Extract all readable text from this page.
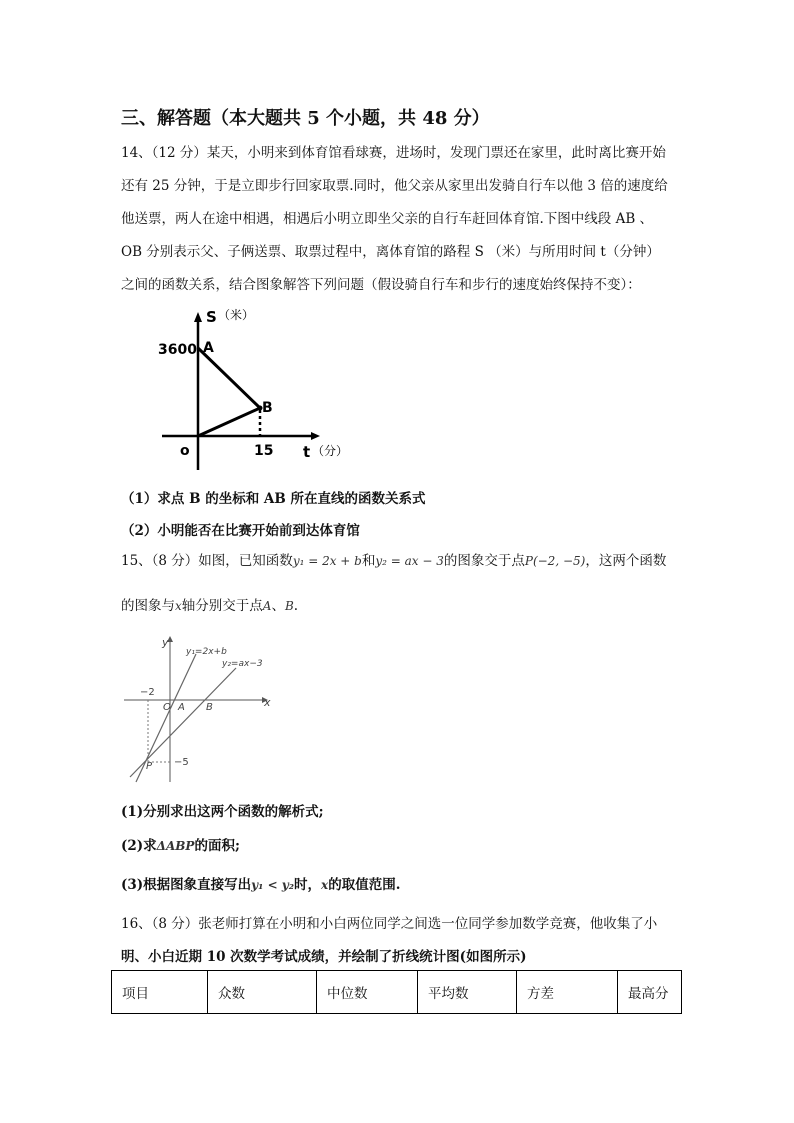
三、解答题（本大题共 5 个小题，共 48 分）
14、（12 分）某天，小明来到体育馆看球赛，进场时，发现门票还在家里，此时离比赛开始
还有 25 分钟，于是立即步行回家取票.同时，他父亲从家里出发骑自行车以他 3 倍的速度给
他送票，两人在途中相遇，相遇后小明立即坐父亲的自行车赶回体育馆.下图中线段 AB 、
OB 分别表示父、子俩送票、取票过程中，离体育馆的路程 S （米）与所用时间 t（分钟）
之间的函数关系，结合图象解答下列问题（假设骑自行车和步行的速度始终保持不变）：
S （米）
3600 A
B
o	15 t （分）
（1）求点 B 的坐标和 AB 所在直线的函数关系式
（2）小明能否在比赛开始前到达体育馆
15、（8 分）如图，已知函数y₁ = 2x + b和y₂ = ax − 3的图象交于点P(−2, −5)，这两个函数
的图象与x轴分别交于点A、B.
y
x
O A B
P
−2
−5
y₁=2x+b
y₂=ax−3
(1)分别求出这两个函数的解析式;
(2)求ΔABP的面积;
(3)根据图象直接写出y₁ < y₂时，x的取值范围.
16、（8 分）张老师打算在小明和小白两位同学之间选一位同学参加数学竞赛，他收集了小
明、小白近期 10 次数学考试成绩，并绘制了折线统计图(如图所示)
项目	众数	中位数	平均数	方差	最高分
